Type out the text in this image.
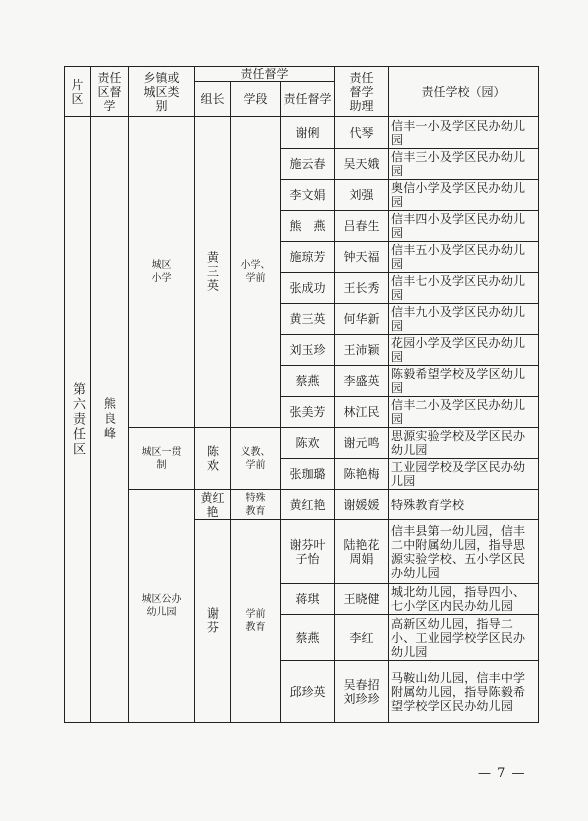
片区	责任区督学	乡镇或城区类别	责任督学			责任督学助理	责任学校（园）
			组长	学段	责任督学		

第六责任区	熊良峰	城区小学	黄三英	小学、学前	谢俐	代琴	信丰一小及学区民办幼儿园
					施云春	吴天娥	信丰三小及学区民办幼儿园
					李文娟	刘强	奥信小学及学区民办幼儿园
					熊　燕	吕春生	信丰四小及学区民办幼儿园
					施琼芳	钟天福	信丰五小及学区民办幼儿园
					张成功	王长秀	信丰七小及学区民办幼儿园
					黄三英	何华新	信丰九小及学区民办幼儿园
					刘玉珍	王沛颖	花园小学及学区民办幼儿园
					蔡燕	李盛英	陈毅希望学校及学区幼儿园
					张美芳	林江民	信丰二小及学区民办幼儿园

		城区一贯制	陈欢	义教、学前	陈欢	谢元鸣	思源实验学校及学区民办幼儿园
					张珈璐	陈艳梅	工业园学校及学区民办幼儿园

		城区公办幼儿园	黄红艳	特殊教育	黄红艳	谢媛媛	特殊教育学校

			谢芬	学前教育	谢芬叶子怡	陆艳花周娟	信丰县第一幼儿园，信丰二中附属幼儿园，指导思源实验学校、五小学区民办幼儿园
					蒋琪	王晓健	城北幼儿园，指导四小、七小学区内民办幼儿园
					蔡燕	李红	高新区幼儿园，指导二小、工业园学校学区民办幼儿园
					邱珍英	吴春招刘珍珍	马鞍山幼儿园，信丰中学附属幼儿园，指导陈毅希望学校学区民办幼儿园
— 7 —
